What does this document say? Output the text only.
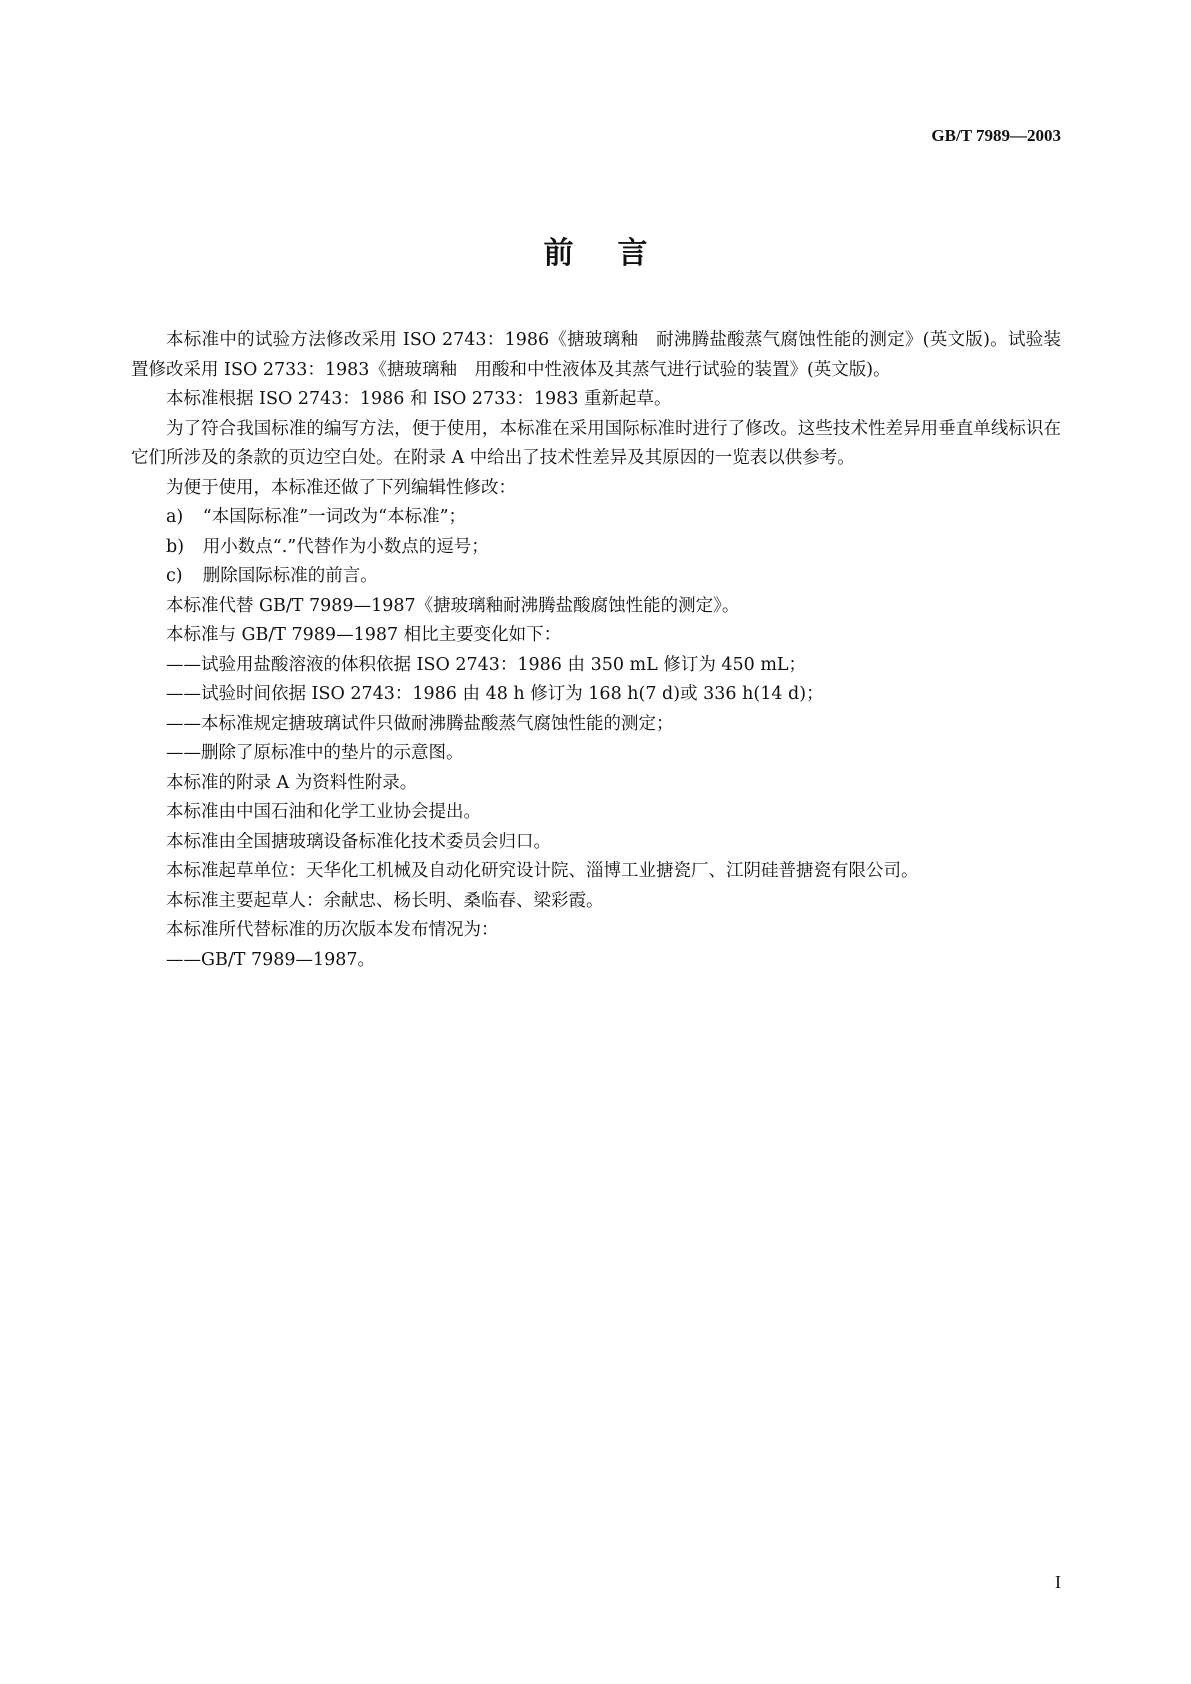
GB/T 7989—2003
前言

本标准中的试验方法修改采用 ISO 2743：1986《搪玻璃釉　耐沸腾盐酸蒸气腐蚀性能的测定》(英文版)。试验装置修改采用 ISO 2733：1983《搪玻璃釉　用酸和中性液体及其蒸气进行试验的装置》(英文版)。

本标准根据 ISO 2743：1986 和 ISO 2733：1983 重新起草。

为了符合我国标准的编写方法，便于使用，本标准在采用国际标准时进行了修改。这些技术性差异用垂直单线标识在它们所涉及的条款的页边空白处。在附录 A 中给出了技术性差异及其原因的一览表以供参考。

为便于使用，本标准还做了下列编辑性修改：

a) “本国际标准”一词改为“本标准”；

b) 用小数点“.”代替作为小数点的逗号；

c) 删除国际标准的前言。

本标准代替 GB/T 7989—1987《搪玻璃釉耐沸腾盐酸腐蚀性能的测定》。

本标准与 GB/T 7989—1987 相比主要变化如下：

——试验用盐酸溶液的体积依据 ISO 2743：1986 由 350 mL 修订为 450 mL；

——试验时间依据 ISO 2743：1986 由 48 h 修订为 168 h(7 d)或 336 h(14 d)；

——本标准规定搪玻璃试件只做耐沸腾盐酸蒸气腐蚀性能的测定；

——删除了原标准中的垫片的示意图。

本标准的附录 A 为资料性附录。

本标准由中国石油和化学工业协会提出。

本标准由全国搪玻璃设备标准化技术委员会归口。

本标准起草单位：天华化工机械及自动化研究设计院、淄博工业搪瓷厂、江阴硅普搪瓷有限公司。

本标准主要起草人：余献忠、杨长明、桑临春、梁彩霞。

本标准所代替标准的历次版本发布情况为：

——GB/T 7989—1987。

I
